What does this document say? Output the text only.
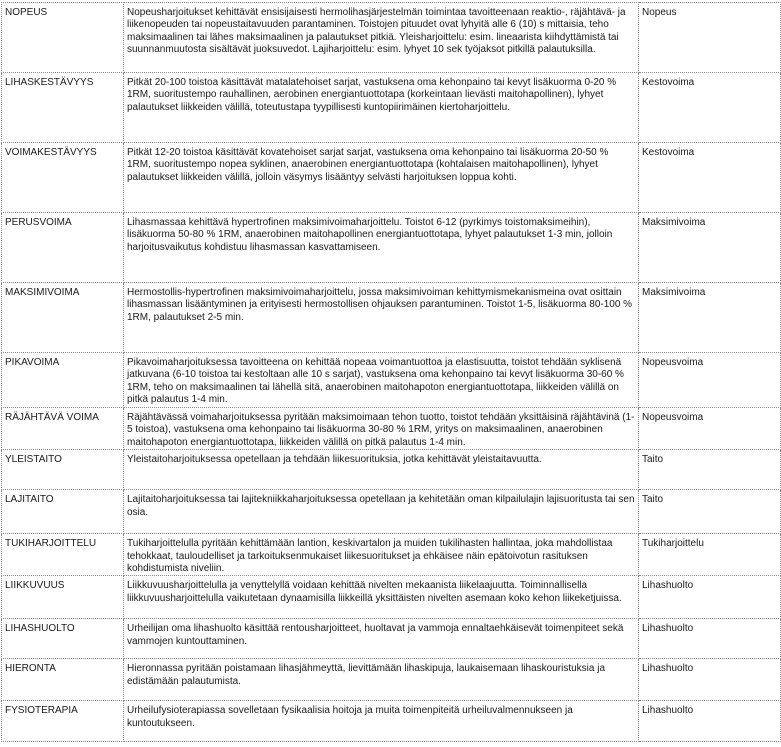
NOPEUS	Nopeusharjoitukset kehittävät ensisijaisesti hermolihasjärjestelmän toimintaa tavoitteenaan reaktio-, räjähtävä- ja liikenopeuden tai nopeustaitavuuden parantaminen. Toistojen pituudet ovat lyhyitä alle 6 (10) s mittaisia, teho maksimaalinen tai lähes maksimaalinen ja palautukset pitkiä. Yleisharjoittelu: esim. lineaarista kiihdyttämistä tai suunnanmuutosta sisältävät juoksuvedot. Lajiharjoittelu: esim. lyhyet 10 sek työjaksot pitkillä palautuksilla.	Nopeus
LIHASKESTÄVYYS	Pitkät 20-100 toistoa käsittävät matalatehoiset sarjat, vastuksena oma kehonpaino tai kevyt lisäkuorma 0-20 % 1RM, suoritustempo rauhallinen, aerobinen energiantuottotapa (korkeintaan lievästi maitohapollinen), lyhyet palautukset liikkeiden välillä, toteutustapa tyypillisesti kuntopiirimäinen kiertoharjoittelu.	Kestovoima
VOIMAKESTÄVYYS	Pitkät 12-20 toistoa käsittävät kovatehoiset sarjat sarjat, vastuksena oma kehonpaino tai lisäkuorma 20-50 % 1RM, suoritustempo nopea syklinen, anaerobinen energiantuottotapa (kohtalaisen maitohapollinen), lyhyet palautukset liikkeiden välillä, jolloin väsymys lisääntyy selvästi harjoituksen loppua kohti.	Kestovoima
PERUSVOIMA	Lihasmassaa kehittävä hypertrofinen maksimivoimaharjoittelu. Toistot 6-12 (pyrkimys toistomaksimeihin), lisäkuorma 50-80 % 1RM, anaerobinen maitohapollinen energiantuottotapa, lyhyet palautukset 1-3 min, jolloin harjoitusvaikutus kohdistuu lihasmassan kasvattamiseen.	Maksimivoima
MAKSIMIVOIMA	Hermostollis-hypertrofinen maksimivoimaharjoittelu, jossa maksimivoiman kehittymismekanismeina ovat osittain lihasmassan lisääntyminen ja erityisesti hermostollisen ohjauksen parantuminen. Toistot 1-5, lisäkuorma 80-100 % 1RM, palautukset 2-5 min.	Maksimivoima
PIKAVOIMA	Pikavoimaharjoituksessa tavoitteena on kehittää nopeaa voimantuottoa ja elastisuutta, toistot tehdään syklisenä jatkuvana (6-10 toistoa tai kestoltaan alle 10 s sarjat), vastuksena oma kehonpaino tai kevyt lisäkuorma 30-60 % 1RM, teho on maksimaalinen tai lähellä sitä, anaerobinen maitohapoton energiantuottotapa, liikkeiden välillä on pitkä palautus 1-4 min.	Nopeusvoima
RÄJÄHTÄVÄ VOIMA	Räjähtävässä voimaharjoituksessa pyritään maksimoimaan tehon tuotto, toistot tehdään yksittäisinä räjähtävinä (1-5 toistoa), vastuksena oma kehonpaino tai lisäkuorma 30-80 % 1RM, yritys on maksimaalinen, anaerobinen maitohapoton energiantuottotapa, liikkeiden välillä on pitkä palautus 1-4 min.	Nopeusvoima
YLEISTAITO	Yleistaitoharjoituksessa opetellaan ja tehdään liikesuorituksia, jotka kehittävät yleistaitavuutta.	Taito
LAJITAITO	Lajitaitoharjoituksessa tai lajitekniikkaharjoituksessa opetellaan ja kehitetään oman kilpailulajin lajisuoritusta tai sen osia.	Taito
TUKIHARJOITTELU	Tukiharjoittelulla pyritään kehittämään lantion, keskivartalon ja muiden tukilihasten hallintaa, joka mahdollistaa tehokkaat, tauloudelliset ja tarkoituksenmukaiset liikesuoritukset ja ehkäisee näin epätoivotun rasituksen kohdistumista niveliin.	Tukiharjoittelu
LIIKKUVUUS	Liikkuvuusharjoittelulla ja venyttelyllä voidaan kehittää nivelten mekaanista liikelaajuutta. Toiminnallisella liikkuvuusharjoittelulla vaikutetaan dynaamisilla liikkeillä yksittäisten nivelten asemaan koko kehon liikeketjuissa.	Lihashuolto
LIHASHUOLTO	Urheilijan oma lihashuolto käsittää rentousharjoitteet, huoltavat ja vammoja ennaltaehkäisevät toimenpiteet sekä vammojen kuntouttaminen.	Lihashuolto
HIERONTA	Hieronnassa pyritään poistamaan lihasjähmeyttä, lievittämään lihaskipuja, laukaisemaan lihaskouristuksia ja edistämään palautumista.	Lihashuolto
FYSIOTERAPIA	Urheilufysioterapiassa sovelletaan fysikaalisia hoitoja ja muita toimenpiteitä urheiluvalmennukseen ja kuntoutukseen.	Lihashuolto
